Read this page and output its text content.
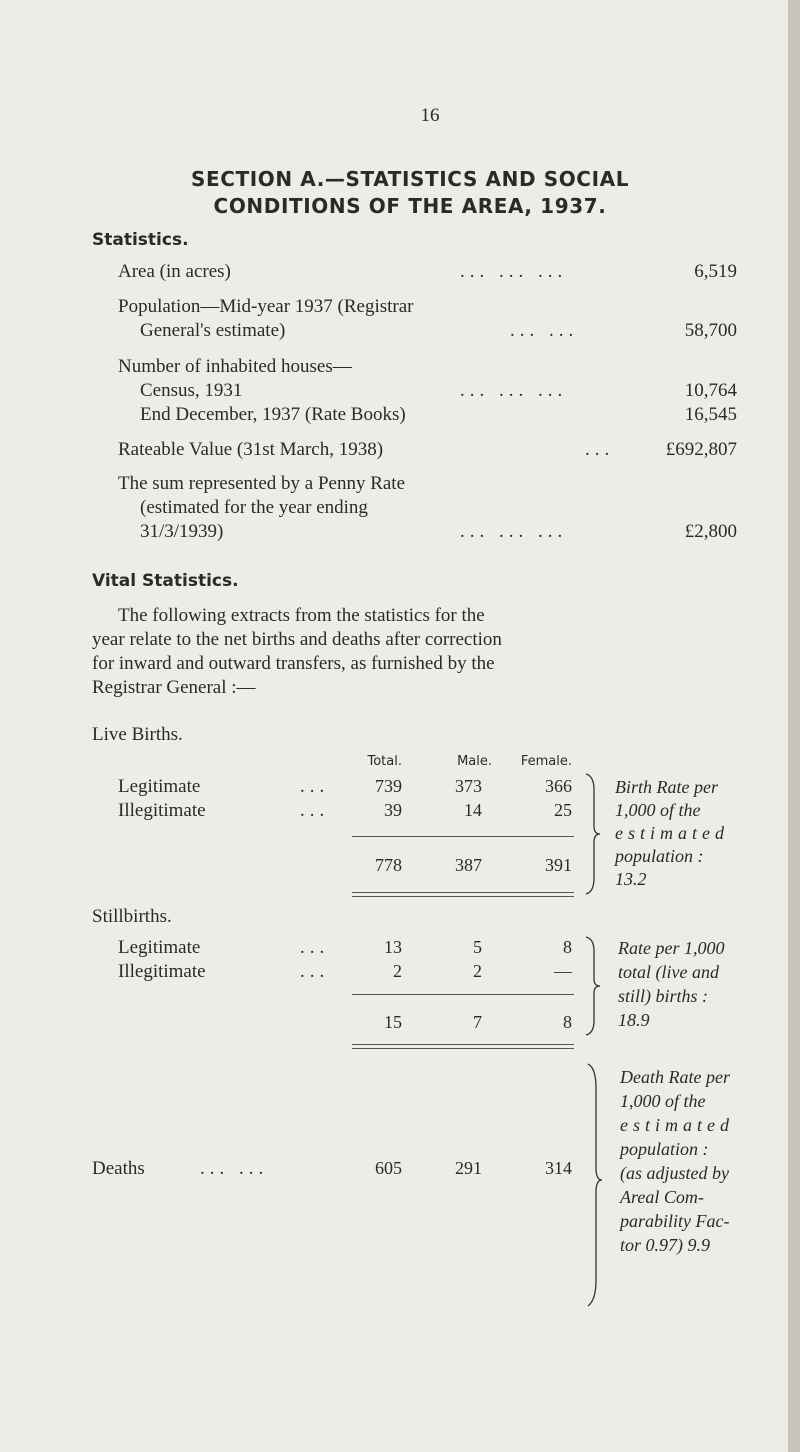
16
SECTION A.—STATISTICS AND SOCIAL
CONDITIONS OF THE AREA, 1937.
Statistics.
Area (in acres)	... ... ...	6,519
Population—Mid-year 1937 (Registrar
General's estimate)	... ...	58,700
Number of inhabited houses—
Census, 1931	... ... ...	10,764
End December, 1937 (Rate Books)	16,545
Rateable Value (31st March, 1938)	...	£692,807
The sum represented by a Penny Rate
(estimated for the year ending
31/3/1939)	... ... ...	£2,800
Vital Statistics.
The following extracts from the statistics for the
year relate to the net births and deaths after correction
for inward and outward transfers, as furnished by the
Registrar General :—
Live Births.
Total.	Male.	Female.
Legitimate	...	739	373	366
Illegitimate	...	39	14	25
778	387	391
Birth Rate per
1,000 of the
estimated
population :
13.2
Stillbirths.
Legitimate	...	13	5	8
Illegitimate	...	2	2	—
15	7	8
Rate per 1,000
total (live and
still) births :
18.9
Deaths	... ...	605	291	314
Death Rate per
1,000 of the
estimated
population :
(as adjusted by
Areal Com-
parability Fac-
tor 0.97) 9.9
